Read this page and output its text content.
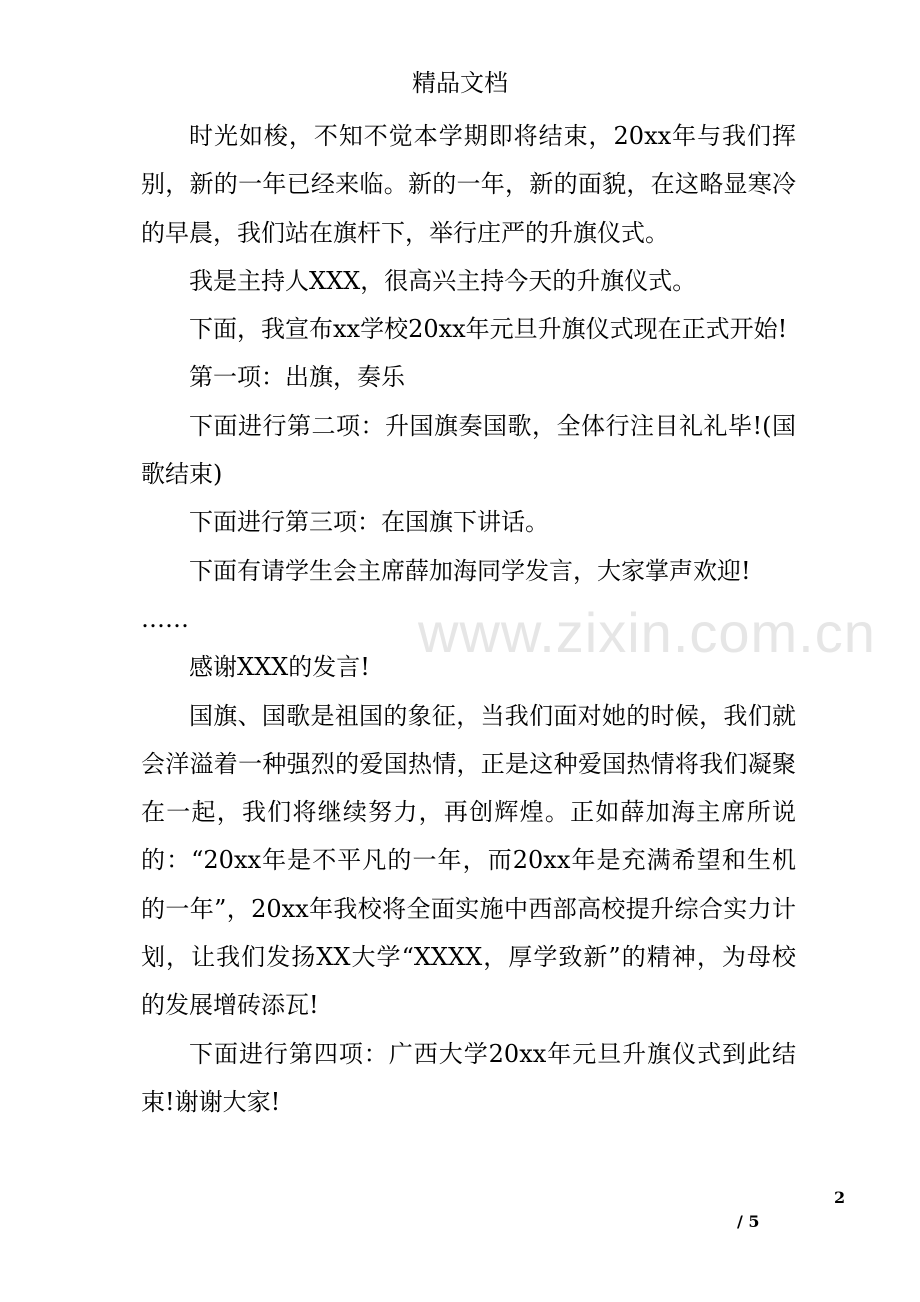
www.zixin.com.cn
精品文档

时光如梭，不知不觉本学期即将结束，20xx年与我们挥别，新的一年已经来临。新的一年，新的面貌，在这略显寒冷的早晨，我们站在旗杆下，举行庄严的升旗仪式。

我是主持人XXX，很高兴主持今天的升旗仪式。

下面，我宣布xx学校20xx年元旦升旗仪式现在正式开始!

第一项：出旗，奏乐

下面进行第二项：升国旗奏国歌，全体行注目礼礼毕!(国歌结束)

下面进行第三项：在国旗下讲话。

下面有请学生会主席薛加海同学发言，大家掌声欢迎!

……

感谢XXX的发言!

国旗、国歌是祖国的象征，当我们面对她的时候，我们就会洋溢着一种强烈的爱国热情，正是这种爱国热情将我们凝聚在一起，我们将继续努力，再创辉煌。正如薛加海主席所说的：“20xx年是不平凡的一年，而20xx年是充满希望和生机的一年”，20xx年我校将全面实施中西部高校提升综合实力计划，让我们发扬XX大学“XXXX，厚学致新”的精神，为母校的发展增砖添瓦!

下面进行第四项：广西大学20xx年元旦升旗仪式到此结束!谢谢大家!

2
/ 5
